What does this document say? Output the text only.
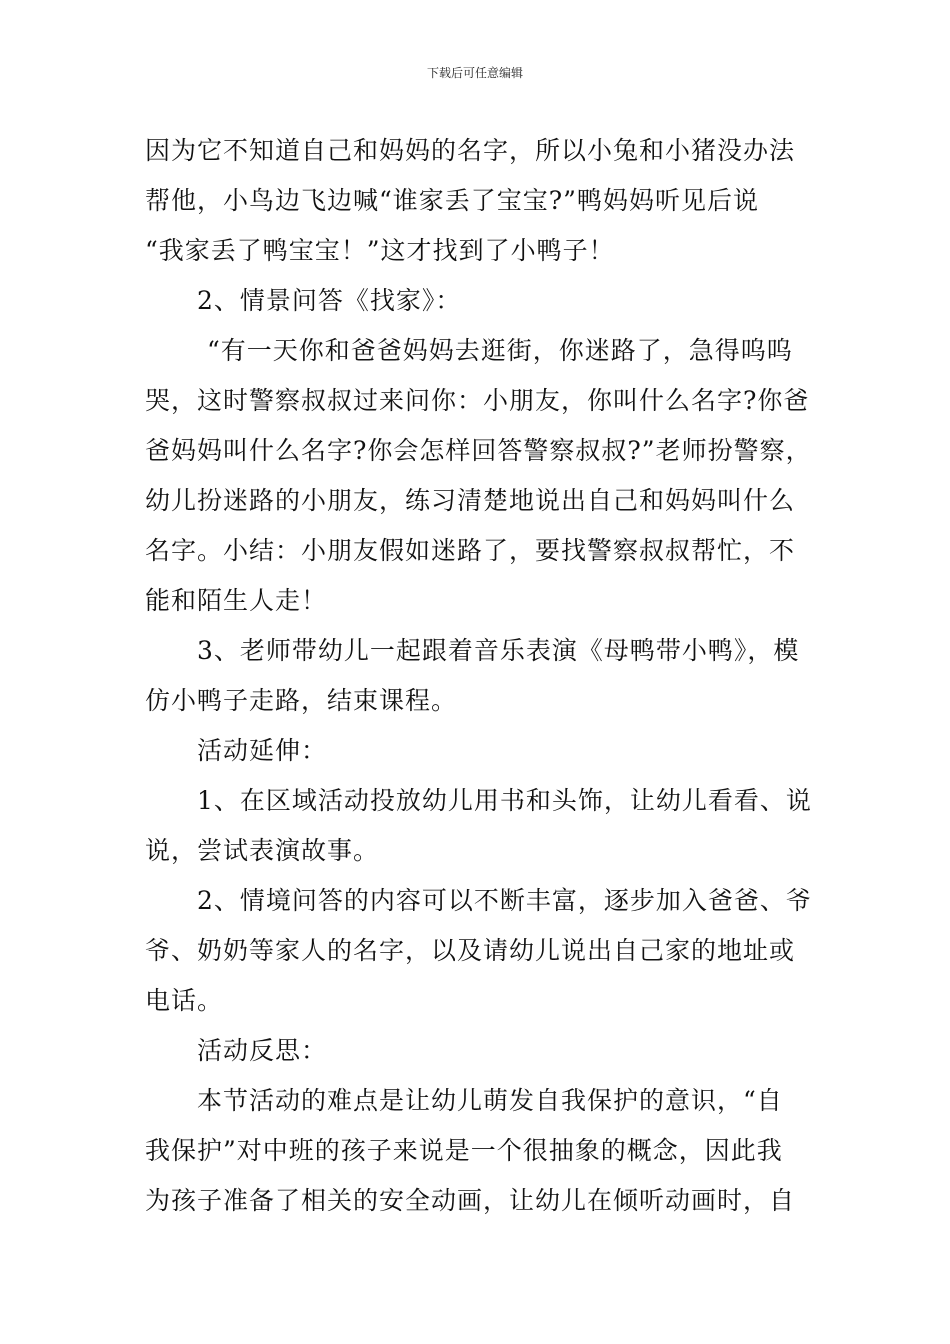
下载后可任意编辑
因为它不知道自己和妈妈的名字，所以小兔和小猪没办法
帮他，小鸟边飞边喊“谁家丢了宝宝?”鸭妈妈听见后说
“我家丢了鸭宝宝！”这才找到了小鸭子！
2、情景问答《找家》：
“有一天你和爸爸妈妈去逛街，你迷路了，急得呜呜
哭，这时警察叔叔过来问你：小朋友，你叫什么名字?你爸
爸妈妈叫什么名字?你会怎样回答警察叔叔?”老师扮警察，
幼儿扮迷路的小朋友，练习清楚地说出自己和妈妈叫什么
名字。小结：小朋友假如迷路了，要找警察叔叔帮忙，不
能和陌生人走！
3、老师带幼儿一起跟着音乐表演《母鸭带小鸭》，模
仿小鸭子走路，结束课程。
活动延伸：
1、在区域活动投放幼儿用书和头饰，让幼儿看看、说
说，尝试表演故事。
2、情境问答的内容可以不断丰富，逐步加入爸爸、爷
爷、奶奶等家人的名字，以及请幼儿说出自己家的地址或
电话。
活动反思：
本节活动的难点是让幼儿萌发自我保护的意识，“自
我保护”对中班的孩子来说是一个很抽象的概念，因此我
为孩子准备了相关的安全动画，让幼儿在倾听动画时，自
